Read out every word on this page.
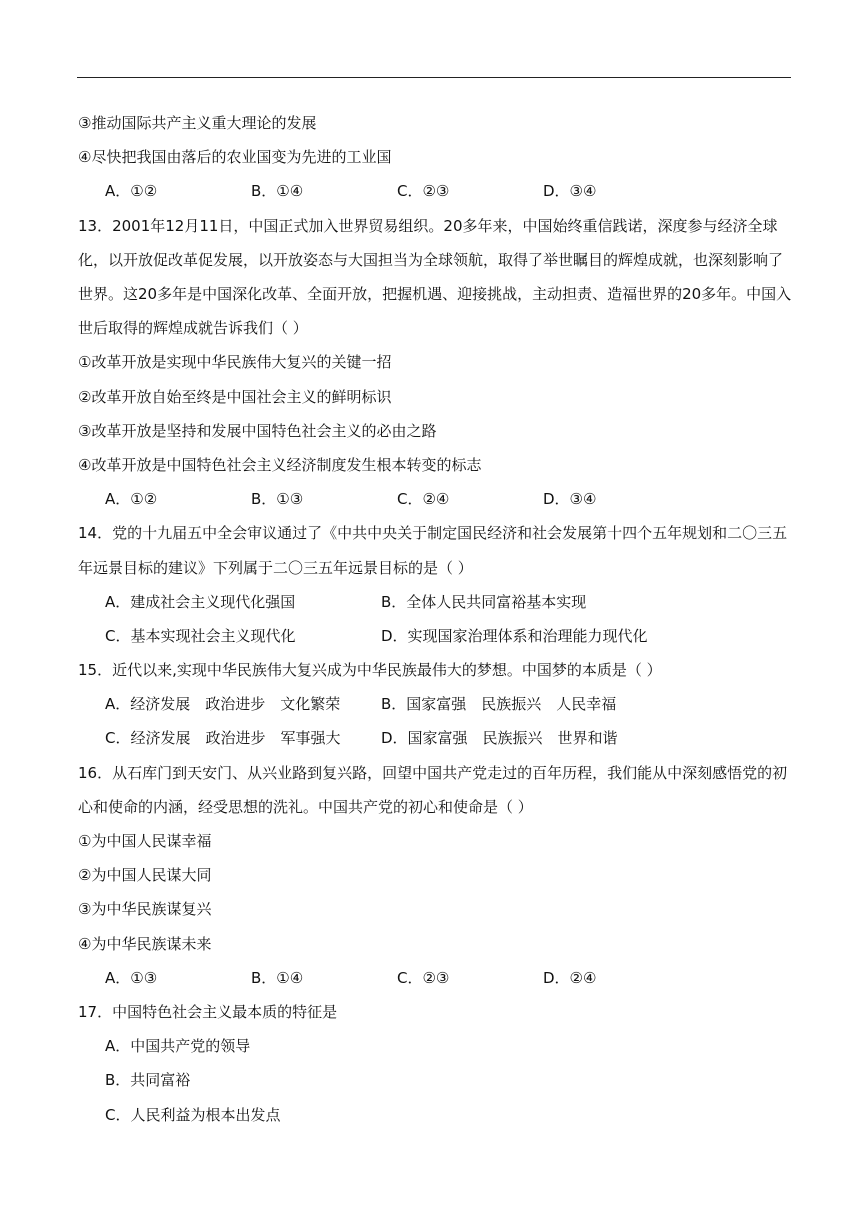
③推动国际共产主义重大理论的发展
④尽快把我国由落后的农业国变为先进的工业国
A．①②	B．①④	C．②③	D．③④
13．2001年12月11日，中国正式加入世界贸易组织。20多年来，中国始终重信践诺，深度参与经济全球化，以开放促改革促发展，以开放姿态与大国担当为全球领航，取得了举世瞩目的辉煌成就，也深刻影响了世界。这20多年是中国深化改革、全面开放，把握机遇、迎接挑战，主动担责、造福世界的20多年。中国入世后取得的辉煌成就告诉我们（ ）
①改革开放是实现中华民族伟大复兴的关键一招
②改革开放自始至终是中国社会主义的鲜明标识
③改革开放是坚持和发展中国特色社会主义的必由之路
④改革开放是中国特色社会主义经济制度发生根本转变的标志
A．①②	B．①③	C．②④	D．③④
14．党的十九届五中全会审议通过了《中共中央关于制定国民经济和社会发展第十四个五年规划和二〇三五年远景目标的建议》下列属于二〇三五年远景目标的是（ ）
A．建成社会主义现代化强国	B．全体人民共同富裕基本实现
C．基本实现社会主义现代化	D．实现国家治理体系和治理能力现代化
15．近代以来,实现中华民族伟大复兴成为中华民族最伟大的梦想。中国梦的本质是（ ）
A．经济发展　政治进步　文化繁荣	B．国家富强　民族振兴　人民幸福
C．经济发展　政治进步　军事强大	D．国家富强　民族振兴　世界和谐
16．从石库门到天安门、从兴业路到复兴路，回望中国共产党走过的百年历程，我们能从中深刻感悟党的初心和使命的内涵，经受思想的洗礼。中国共产党的初心和使命是（ ）
①为中国人民谋幸福
②为中国人民谋大同
③为中华民族谋复兴
④为中华民族谋未来
A．①③	B．①④	C．②③	D．②④
17．中国特色社会主义最本质的特征是
A．中国共产党的领导
B．共同富裕
C．人民利益为根本出发点
